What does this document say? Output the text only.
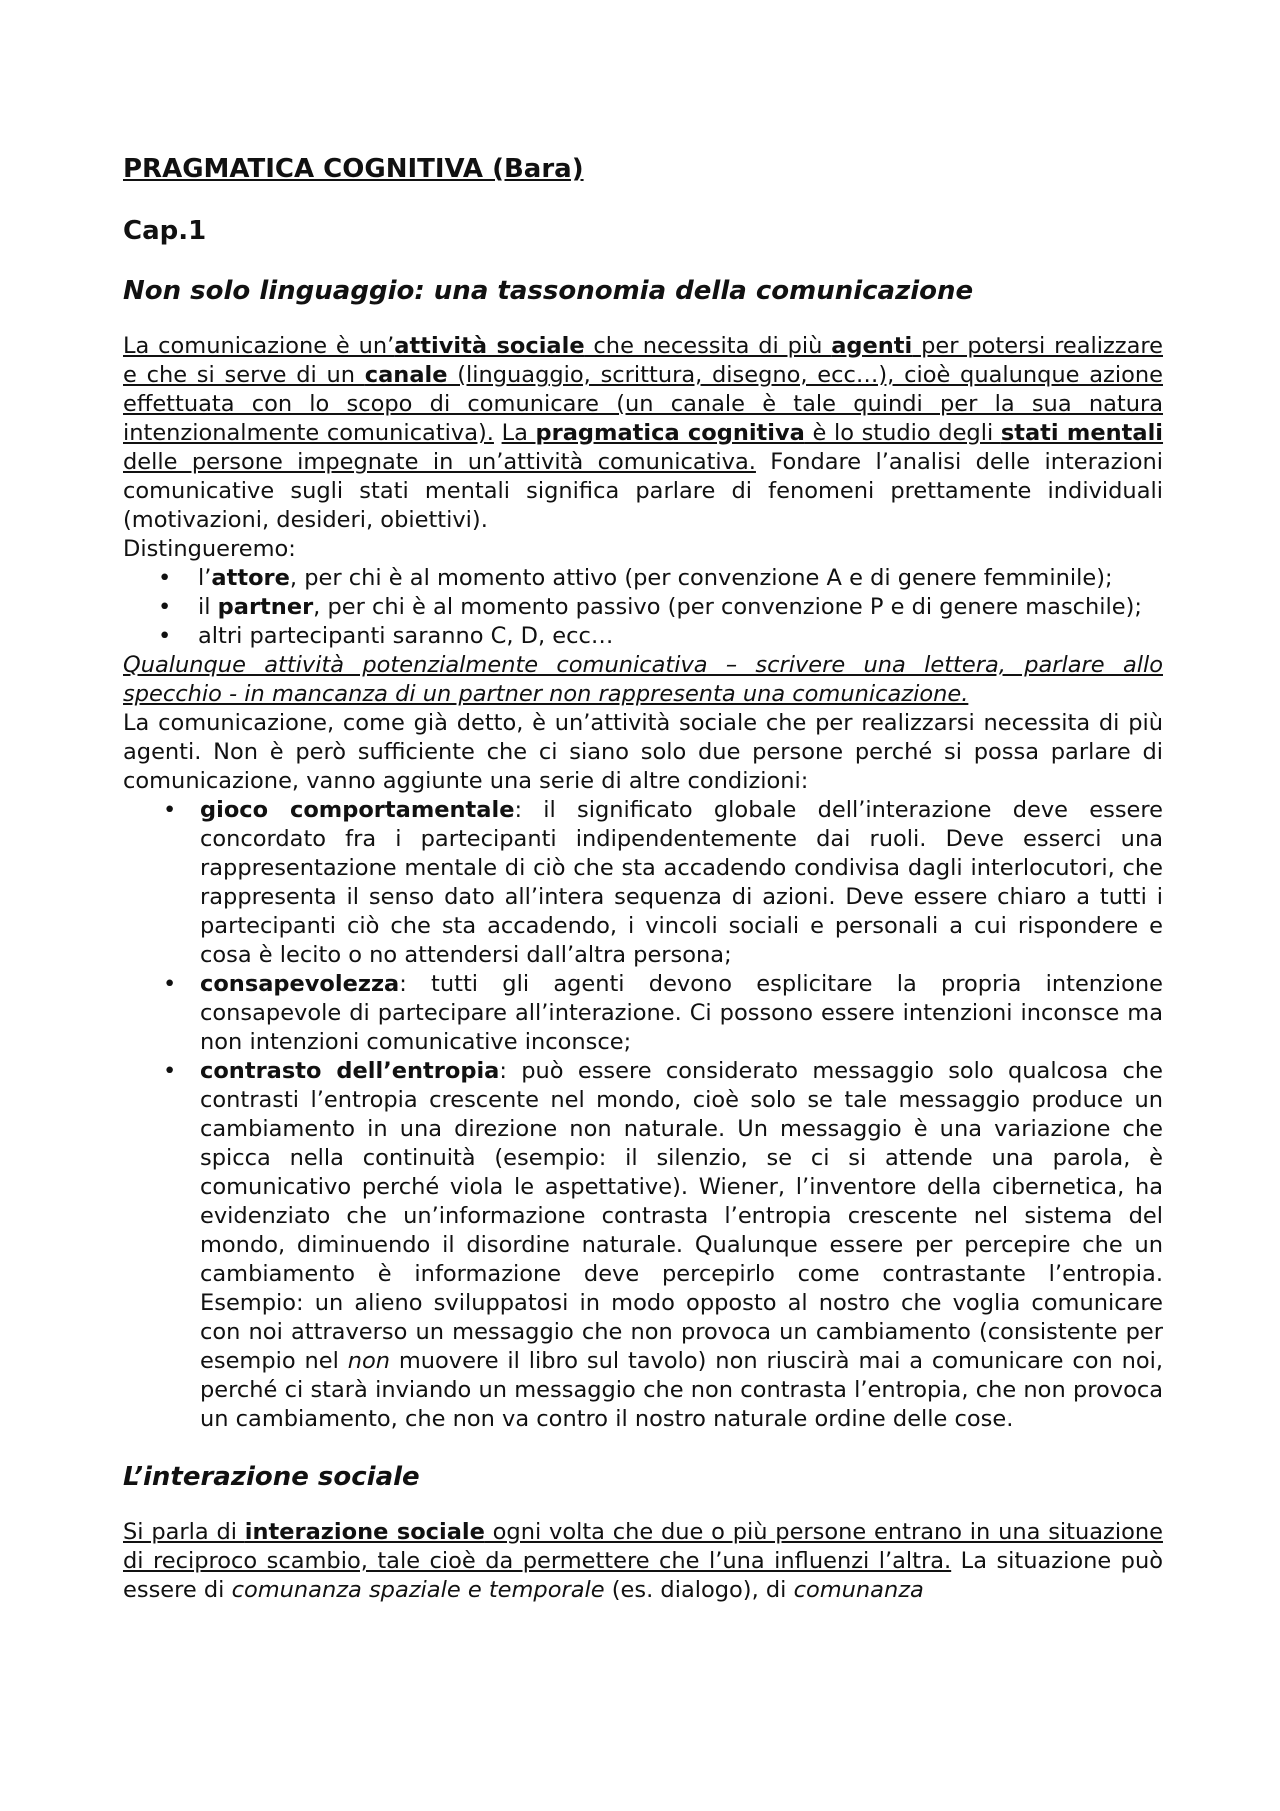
PRAGMATICA COGNITIVA (Bara)
Cap.1
Non solo linguaggio: una tassonomia della comunicazione

La comunicazione è un’attività sociale che necessita di più agenti per potersi realizzare e che si serve di un canale (linguaggio, scrittura, disegno, ecc…), cioè qualunque azione effettuata con lo scopo di comunicare (un canale è tale quindi per la sua natura intenzionalmente comunicativa). La pragmatica cognitiva è lo studio degli stati mentali delle persone impegnate in un’attività comunicativa. Fondare l’analisi delle interazioni comunicative sugli stati mentali significa parlare di fenomeni prettamente individuali (motivazioni, desideri, obiettivi).

Distingueremo:

• l’attore, per chi è al momento attivo (per convenzione A e di genere femminile);
• il partner, per chi è al momento passivo (per convenzione P e di genere maschile);
• altri partecipanti saranno C, D, ecc…

Qualunque attività potenzialmente comunicativa – scrivere una lettera, parlare allo specchio - in mancanza di un partner non rappresenta una comunicazione.

La comunicazione, come già detto, è un’attività sociale che per realizzarsi necessita di più agenti. Non è però sufficiente che ci siano solo due persone perché si possa parlare di comunicazione, vanno aggiunte una serie di altre condizioni:

• gioco comportamentale: il significato globale dell’interazione deve essere concordato fra i partecipanti indipendentemente dai ruoli. Deve esserci una rappresentazione mentale di ciò che sta accadendo condivisa dagli interlocutori, che rappresenta il senso dato all’intera sequenza di azioni. Deve essere chiaro a tutti i partecipanti ciò che sta accadendo, i vincoli sociali e personali a cui rispondere e cosa è lecito o no attendersi dall’altra persona;
• consapevolezza: tutti gli agenti devono esplicitare la propria intenzione consapevole di partecipare all’interazione. Ci possono essere intenzioni inconsce ma non intenzioni comunicative inconsce;
• contrasto dell’entropia: può essere considerato messaggio solo qualcosa che contrasti l’entropia crescente nel mondo, cioè solo se tale messaggio produce un cambiamento in una direzione non naturale. Un messaggio è una variazione che spicca nella continuità (esempio: il silenzio, se ci si attende una parola, è comunicativo perché viola le aspettative). Wiener, l’inventore della cibernetica, ha evidenziato che un’informazione contrasta l’entropia crescente nel sistema del mondo, diminuendo il disordine naturale. Qualunque essere per percepire che un cambiamento è informazione deve percepirlo come contrastante l’entropia. Esempio: un alieno sviluppatosi in modo opposto al nostro che voglia comunicare con noi attraverso un messaggio che non provoca un cambiamento (consistente per esempio nel non muovere il libro sul tavolo) non riuscirà mai a comunicare con noi, perché ci starà inviando un messaggio che non contrasta l’entropia, che non provoca un cambiamento, che non va contro il nostro naturale ordine delle cose.
L’interazione sociale

Si parla di interazione sociale ogni volta che due o più persone entrano in una situazione di reciproco scambio, tale cioè da permettere che l’una influenzi l’altra. La situazione può essere di comunanza spaziale e temporale (es. dialogo), di comunanza
